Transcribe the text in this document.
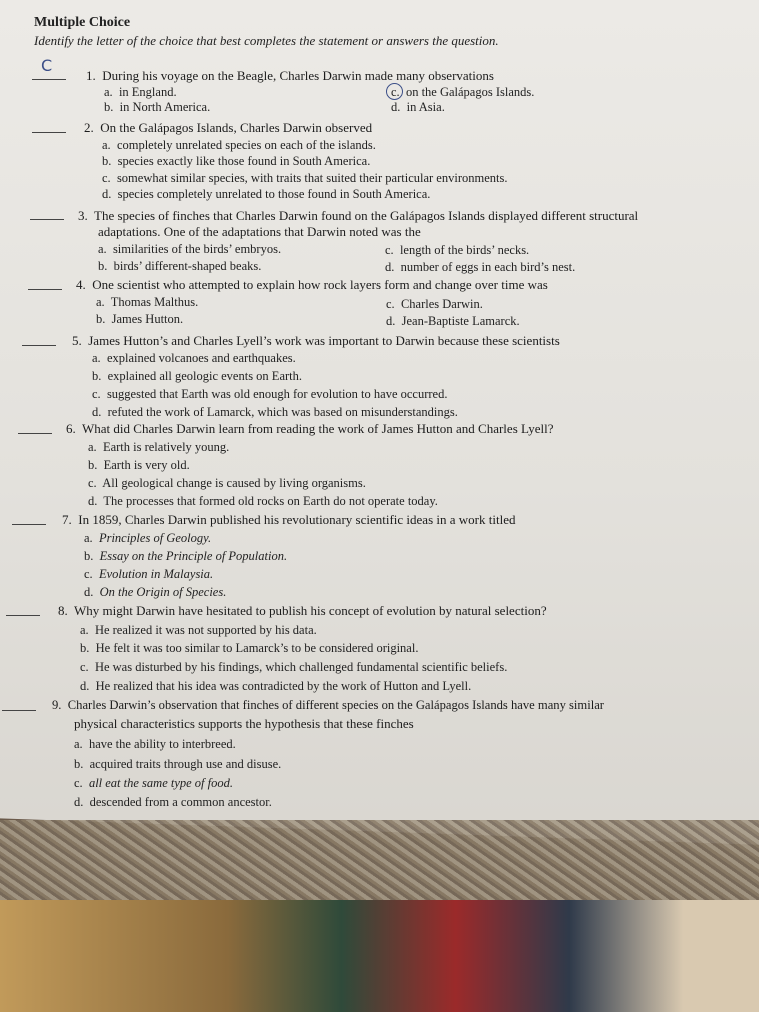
Multiple Choice
Identify the letter of the choice that best completes the statement or answers the question.
C
1. During his voyage on the Beagle, Charles Darwin made many observations
a. in England.
b. in North America.
c. on the Galápagos Islands.
d. in Asia.
2. On the Galápagos Islands, Charles Darwin observed
a. completely unrelated species on each of the islands.
b. species exactly like those found in South America.
c. somewhat similar species, with traits that suited their particular environments.
d. species completely unrelated to those found in South America.
3. The species of finches that Charles Darwin found on the Galápagos Islands displayed different structural
adaptations. One of the adaptations that Darwin noted was the
a. similarities of the birds’ embryos.
b. birds’ different-shaped beaks.
c. length of the birds’ necks.
d. number of eggs in each bird’s nest.
4. One scientist who attempted to explain how rock layers form and change over time was
a. Thomas Malthus.
b. James Hutton.
c. Charles Darwin.
d. Jean-Baptiste Lamarck.
5. James Hutton’s and Charles Lyell’s work was important to Darwin because these scientists
a. explained volcanoes and earthquakes.
b. explained all geologic events on Earth.
c. suggested that Earth was old enough for evolution to have occurred.
d. refuted the work of Lamarck, which was based on misunderstandings.
6. What did Charles Darwin learn from reading the work of James Hutton and Charles Lyell?
a. Earth is relatively young.
b. Earth is very old.
c. All geological change is caused by living organisms.
d. The processes that formed old rocks on Earth do not operate today.
7. In 1859, Charles Darwin published his revolutionary scientific ideas in a work titled
a. Principles of Geology.
b. Essay on the Principle of Population.
c. Evolution in Malaysia.
d. On the Origin of Species.
8. Why might Darwin have hesitated to publish his concept of evolution by natural selection?
a. He realized it was not supported by his data.
b. He felt it was too similar to Lamarck’s to be considered original.
c. He was disturbed by his findings, which challenged fundamental scientific beliefs.
d. He realized that his idea was contradicted by the work of Hutton and Lyell.
9. Charles Darwin’s observation that finches of different species on the Galápagos Islands have many similar
physical characteristics supports the hypothesis that these finches
a. have the ability to interbreed.
b. acquired traits through use and disuse.
c. all eat the same type of food.
d. descended from a common ancestor.
